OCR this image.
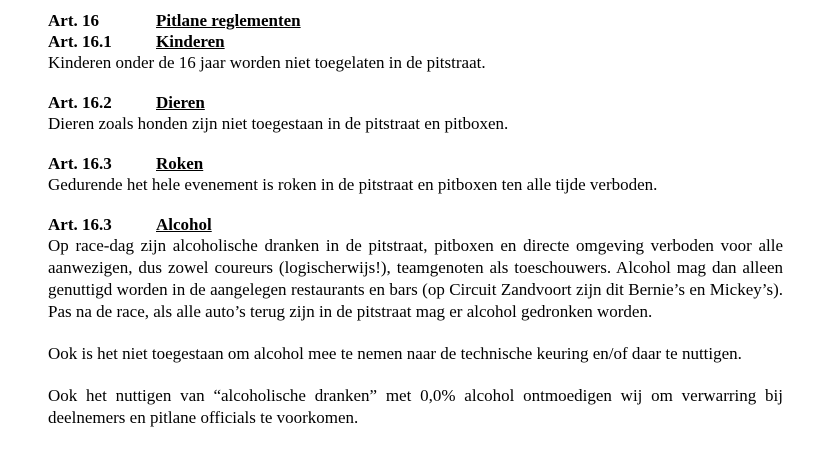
Art. 16	Pitlane reglementen

Art. 16.1	Kinderen

Kinderen onder de 16 jaar worden niet toegelaten in de pitstraat.

Art. 16.2	Dieren

Dieren zoals honden zijn niet toegestaan in de pitstraat en pitboxen.

Art. 16.3	Roken

Gedurende het hele evenement is roken in de pitstraat en pitboxen ten alle tijde verboden.

Art. 16.3	Alcohol

Op race-dag zijn alcoholische dranken in de pitstraat, pitboxen en directe omgeving verboden voor alle aanwezigen, dus zowel coureurs (logischerwijs!), teamgenoten als toeschouwers. Alcohol mag dan alleen genuttigd worden in de aangelegen restaurants en bars (op Circuit Zandvoort zijn dit Bernie’s en Mickey’s). Pas na de race, als alle auto’s terug zijn in de pitstraat mag er alcohol gedronken worden.

Ook is het niet toegestaan om alcohol mee te nemen naar de technische keuring en/of daar te nuttigen.

Ook het nuttigen van “alcoholische dranken” met 0,0% alcohol ontmoedigen wij om verwarring bij deelnemers en pitlane officials te voorkomen.
